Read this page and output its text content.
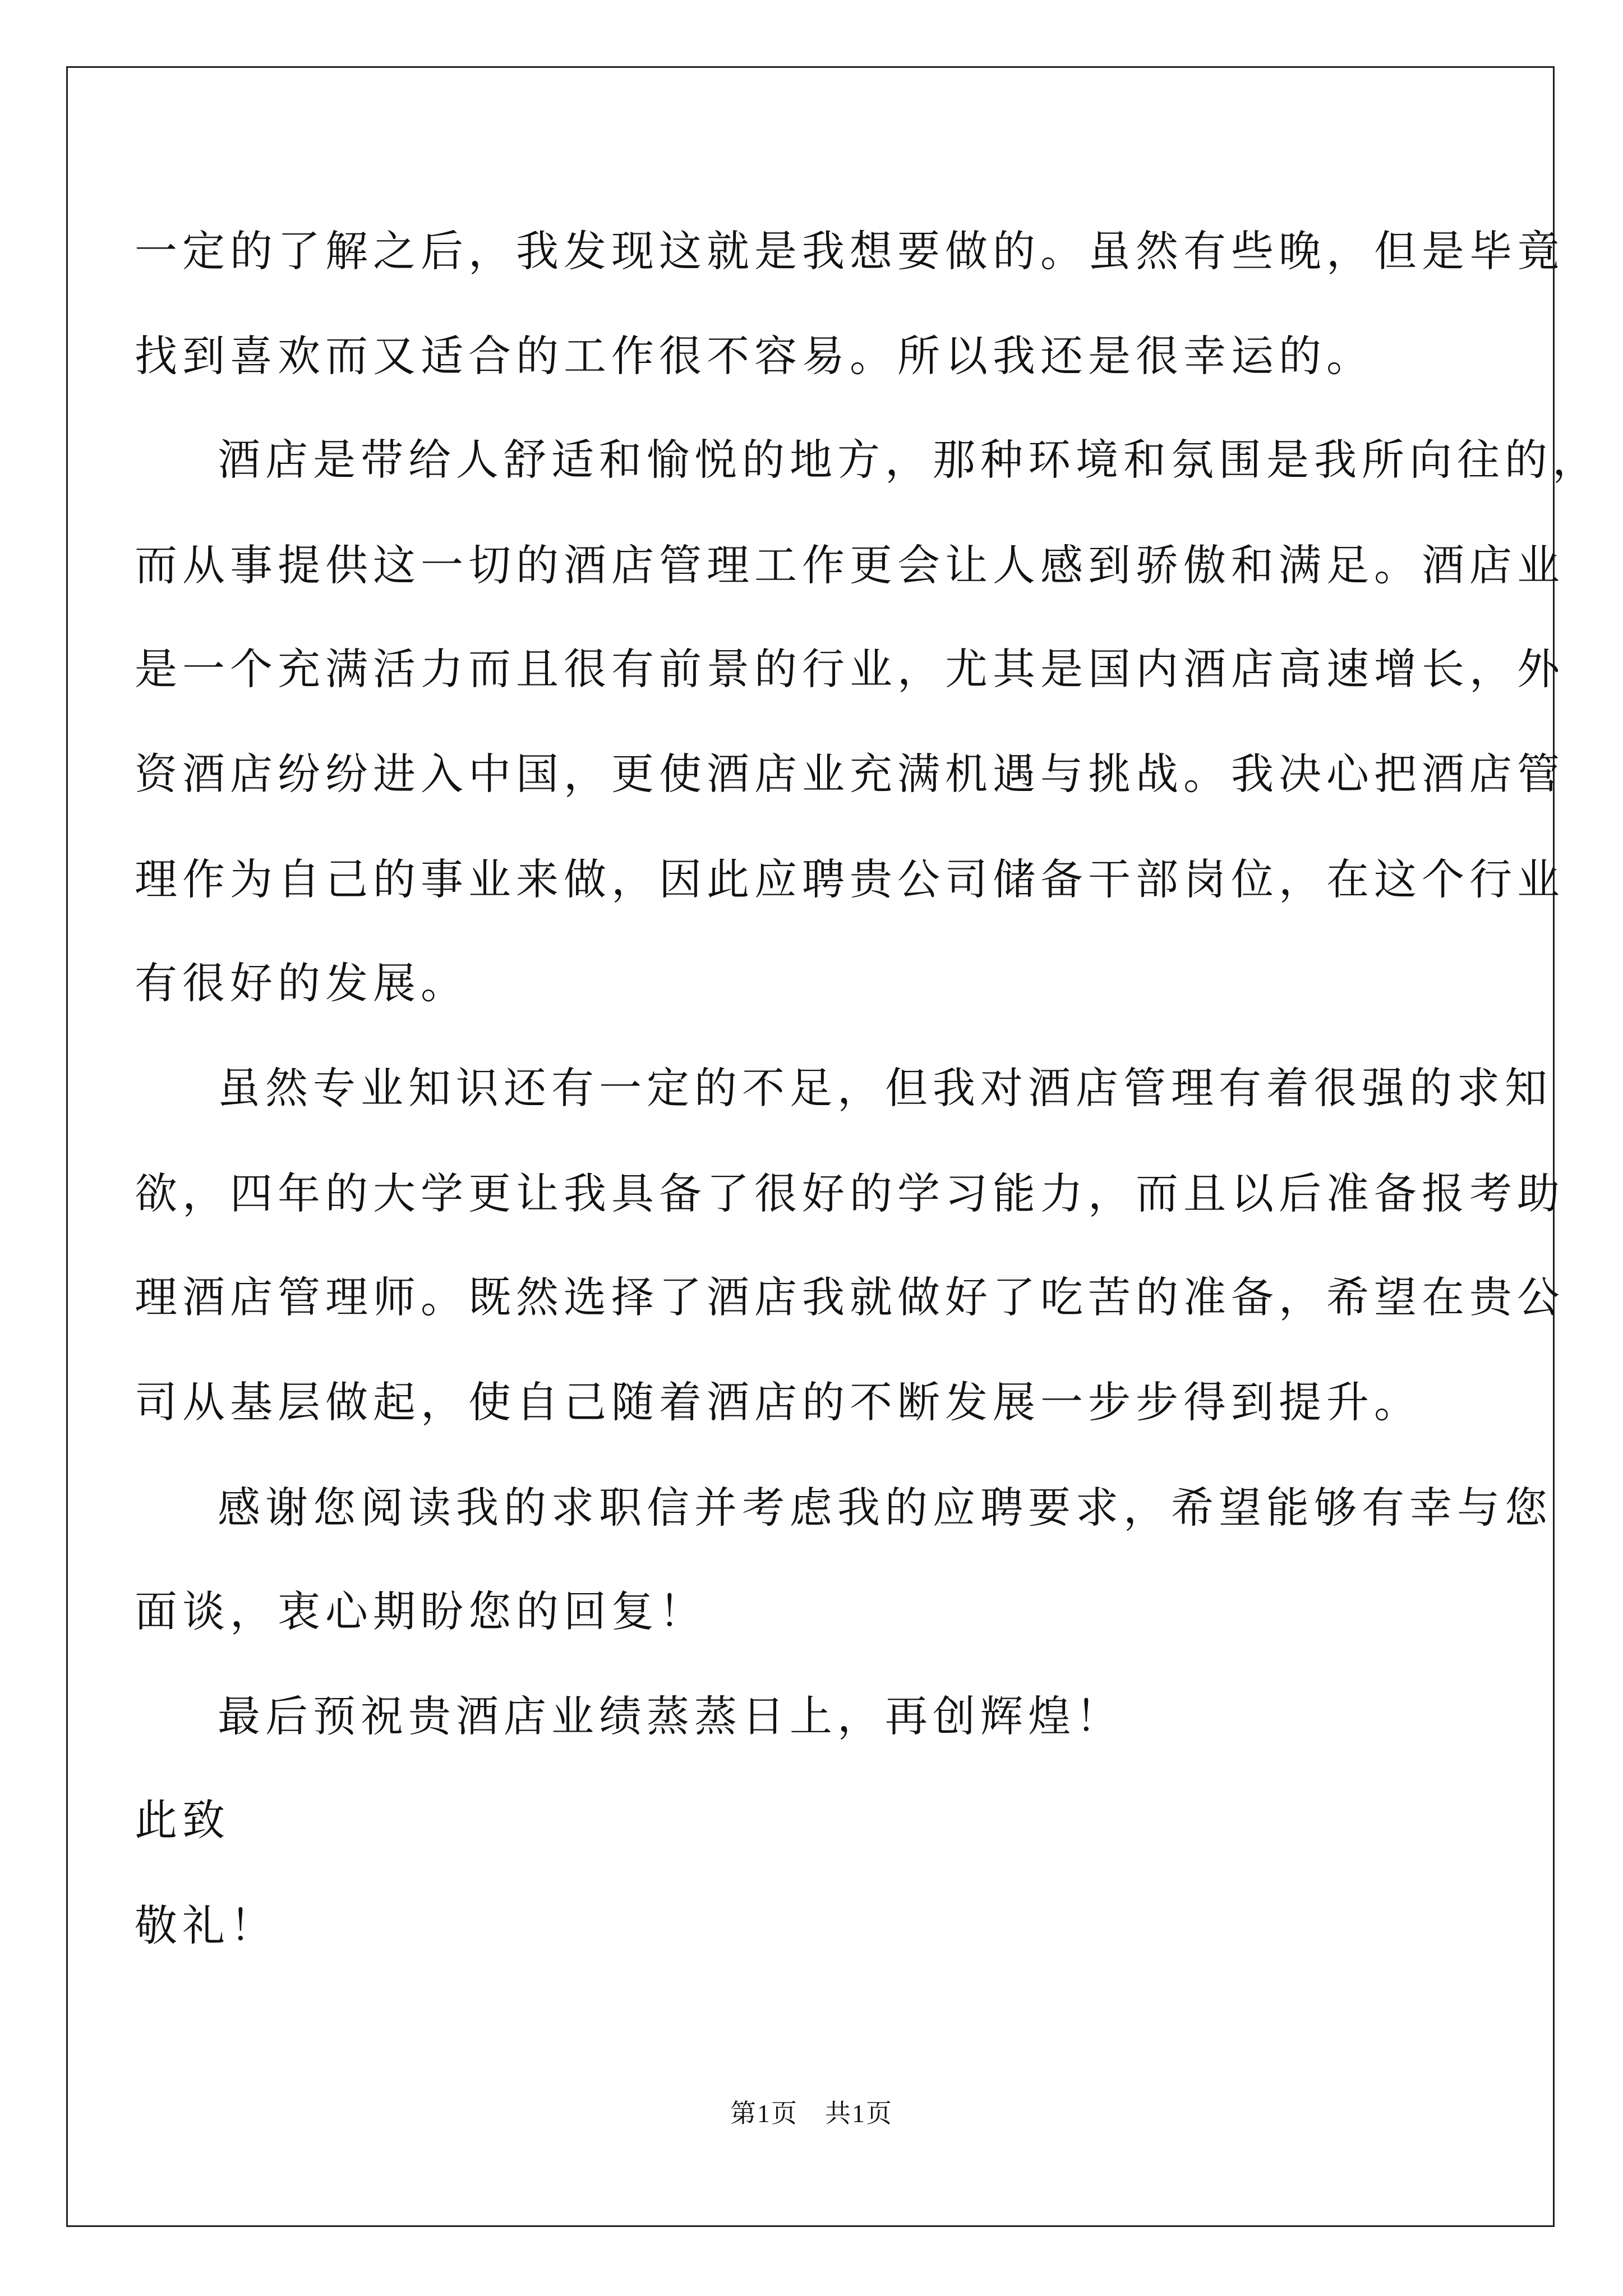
一定的了解之后，我发现这就是我想要做的。虽然有些晚，但是毕竟
找到喜欢而又适合的工作很不容易。所以我还是很幸运的。
酒店是带给人舒适和愉悦的地方，那种环境和氛围是我所向往的，
而从事提供这一切的酒店管理工作更会让人感到骄傲和满足。酒店业
是一个充满活力而且很有前景的行业，尤其是国内酒店高速增长，外
资酒店纷纷进入中国，更使酒店业充满机遇与挑战。我决心把酒店管
理作为自己的事业来做，因此应聘贵公司储备干部岗位，在这个行业
有很好的发展。
虽然专业知识还有一定的不足，但我对酒店管理有着很强的求知
欲，四年的大学更让我具备了很好的学习能力，而且以后准备报考助
理酒店管理师。既然选择了酒店我就做好了吃苦的准备，希望在贵公
司从基层做起，使自己随着酒店的不断发展一步步得到提升。
感谢您阅读我的求职信并考虑我的应聘要求，希望能够有幸与您
面谈，衷心期盼您的回复！
最后预祝贵酒店业绩蒸蒸日上，再创辉煌！
此致
敬礼！
第1页　共1页
